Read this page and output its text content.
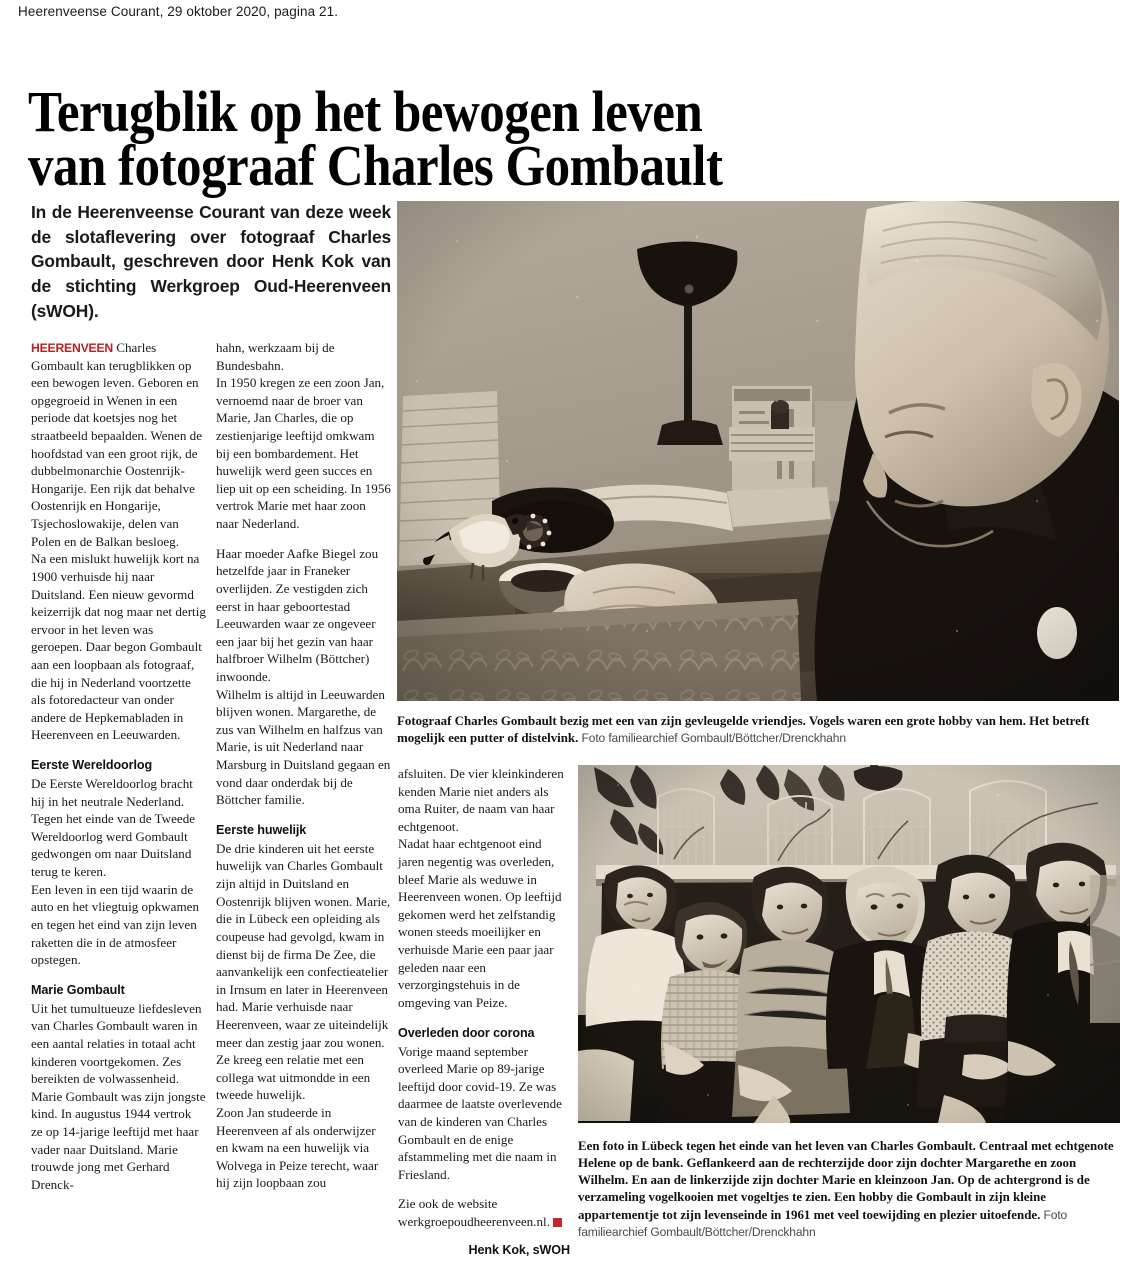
Heerenveense Courant, 29 oktober 2020, pagina 21.
Terugblik op het bewogen leven
van fotograaf Charles Gombault
In de Heerenveense Courant van deze week de slotaflevering over fotograaf Charles Gombault, geschreven door Henk Kok van de stichting Werkgroep Oud-Heerenveen (sWOH).

HEERENVEEN Charles Gombault kan terugblikken op een bewogen leven. Geboren en opgegroeid in Wenen in een periode dat koetsjes nog het straatbeeld bepaalden. Wenen de hoofdstad van een groot rijk, de dubbelmonarchie Oostenrijk-Hongarije. Een rijk dat behalve Oostenrijk en Hongarije, Tsjechoslowakije, delen van Polen en de Balkan besloeg.

Na een mislukt huwelijk kort na 1900 verhuisde hij naar Duitsland. Een nieuw gevormd keizerrijk dat nog maar net dertig ervoor in het leven was geroepen. Daar begon Gombault aan een loopbaan als fotograaf, die hij in Nederland voortzette als fotoredacteur van onder andere de Hepkemabladen in Heerenveen en Leeuwarden.

Eerste Wereldoorlog

De Eerste Wereldoorlog bracht hij in het neutrale Nederland. Tegen het einde van de Tweede Wereldoorlog werd Gombault gedwongen om naar Duitsland terug te keren.

Een leven in een tijd waarin de auto en het vliegtuig opkwamen en tegen het eind van zijn leven raketten die in de atmosfeer opstegen.

Marie Gombault

Uit het tumultueuze liefdesleven van Charles Gombault waren in een aantal relaties in totaal acht kinderen voortgekomen. Zes bereikten de volwassenheid.

Marie Gombault was zijn jongste kind. In augustus 1944 vertrok ze op 14-jarige leeftijd met haar vader naar Duitsland. Marie trouwde jong met Gerhard Drenck-

hahn, werkzaam bij de Bundesbahn.

In 1950 kregen ze een zoon Jan, vernoemd naar de broer van Marie, Jan Charles, die op zestienjarige leeftijd omkwam bij een bombardement. Het huwelijk werd geen succes en liep uit op een scheiding. In 1956 vertrok Marie met haar zoon naar Nederland.

Haar moeder Aafke Biegel zou hetzelfde jaar in Franeker overlijden. Ze vestigden zich eerst in haar geboortestad Leeuwarden waar ze ongeveer een jaar bij het gezin van haar halfbroer Wilhelm (Böttcher) inwoonde.

Wilhelm is altijd in Leeuwarden blijven wonen. Margarethe, de zus van Wilhelm en halfzus van Marie, is uit Nederland naar Marsburg in Duitsland gegaan en vond daar onderdak bij de Böttcher familie.

Eerste huwelijk

De drie kinderen uit het eerste huwelijk van Charles Gombault zijn altijd in Duitsland en Oostenrijk blijven wonen. Marie, die in Lübeck een opleiding als coupeuse had gevolgd, kwam in dienst bij de firma De Zee, die aanvankelijk een confectieatelier in Irnsum en later in Heerenveen had. Marie verhuisde naar Heerenveen, waar ze uiteindelijk meer dan zestig jaar zou wonen. Ze kreeg een relatie met een collega wat uitmondde in een tweede huwelijk.

Zoon Jan studeerde in Heerenveen af als onderwijzer en kwam na een huwelijk via Wolvega in Peize terecht, waar hij zijn loopbaan zou

afsluiten. De vier kleinkinderen kenden Marie niet anders als oma Ruiter, de naam van haar echtgenoot.

Nadat haar echtgenoot eind jaren negentig was overleden, bleef Marie als weduwe in Heerenveen wonen. Op leeftijd gekomen werd het zelfstandig wonen steeds moeilijker en verhuisde Marie een paar jaar geleden naar een verzorgingstehuis in de omgeving van Peize.

Overleden door corona

Vorige maand september overleed Marie op 89-jarige leeftijd door covid-19. Ze was daarmee de laatste overlevende van de kinderen van Charles Gombault en de enige afstammeling met die naam in Friesland.

Zie ook de website werkgroepoudheerenveen.nl.

Henk Kok, sWOH
Fotograaf Charles Gombault bezig met een van zijn gevleugelde vriendjes. Vogels waren een grote hobby van hem. Het betreft mogelijk een putter of distelvink. Foto familiearchief Gombault/Böttcher/Drenckhahn
Een foto in Lübeck tegen het einde van het leven van Charles Gombault. Centraal met echtgenote Helene op de bank. Geflankeerd aan de rechterzijde door zijn dochter Margarethe en zoon Wilhelm. En aan de linkerzijde zijn dochter Marie en kleinzoon Jan. Op de achtergrond is de verzameling vogelkooien met vogeltjes te zien. Een hobby die Gombault in zijn kleine appartementje tot zijn levenseinde in 1961 met veel toewijding en plezier uitoefende. Foto familiearchief Gombault/Böttcher/Drenckhahn
